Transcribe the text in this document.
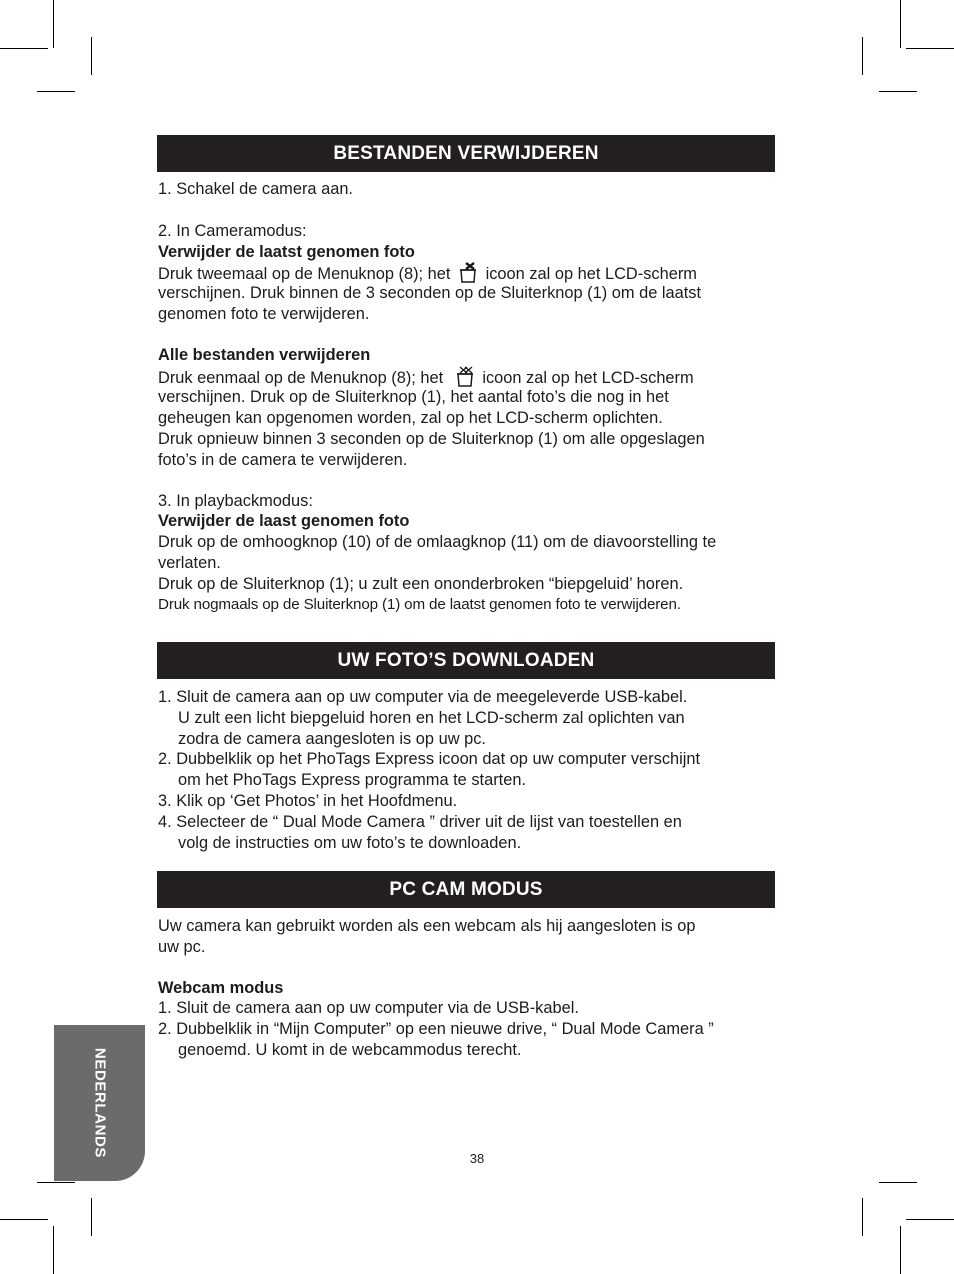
BESTANDEN VERWIJDEREN
1. Schakel de camera aan.
2. In Cameramodus:
Verwijder de laatst genomen foto
Druk tweemaal op de Menuknop (8); het icoon zal op het LCD-scherm
verschijnen. Druk binnen de 3 seconden op de Sluiterknop (1) om de laatst
genomen foto te verwijderen.
Alle bestanden verwijderen
Druk eenmaal op de Menuknop (8); het icoon zal op het LCD-scherm
verschijnen. Druk op de Sluiterknop (1), het aantal foto’s die nog in het
geheugen kan opgenomen worden, zal op het LCD-scherm oplichten.
Druk opnieuw binnen 3 seconden op de Sluiterknop (1) om alle opgeslagen
foto’s in de camera te verwijderen.
3. In playbackmodus:
Verwijder de laast genomen foto
Druk op de omhoogknop (10) of de omlaagknop (11) om de diavoorstelling te
verlaten.
Druk op de Sluiterknop (1); u zult een ononderbroken “biepgeluid’ horen.
Druk nogmaals op de Sluiterknop (1) om de laatst genomen foto te verwijderen.
UW FOTO’S DOWNLOADEN
1. Sluit de camera aan op uw computer via de meegeleverde USB-kabel.
U zult een licht biepgeluid horen en het LCD-scherm zal oplichten van
zodra de camera aangesloten is op uw pc.
2. Dubbelklik op het PhoTags Express icoon dat op uw computer verschijnt
om het PhoTags Express programma te starten.
3. Klik op ‘Get Photos’ in het Hoofdmenu.
4. Selecteer de “ Dual Mode Camera ” driver uit de lijst van toestellen en
volg de instructies om uw foto’s te downloaden.
PC CAM MODUS
Uw camera kan gebruikt worden als een webcam als hij aangesloten is op
uw pc.
Webcam modus
1. Sluit de camera aan op uw computer via de USB-kabel.
2. Dubbelklik in “Mijn Computer” op een nieuwe drive, “ Dual Mode Camera ”
genoemd. U komt in de webcammodus terecht.
NEDERLANDS
38
